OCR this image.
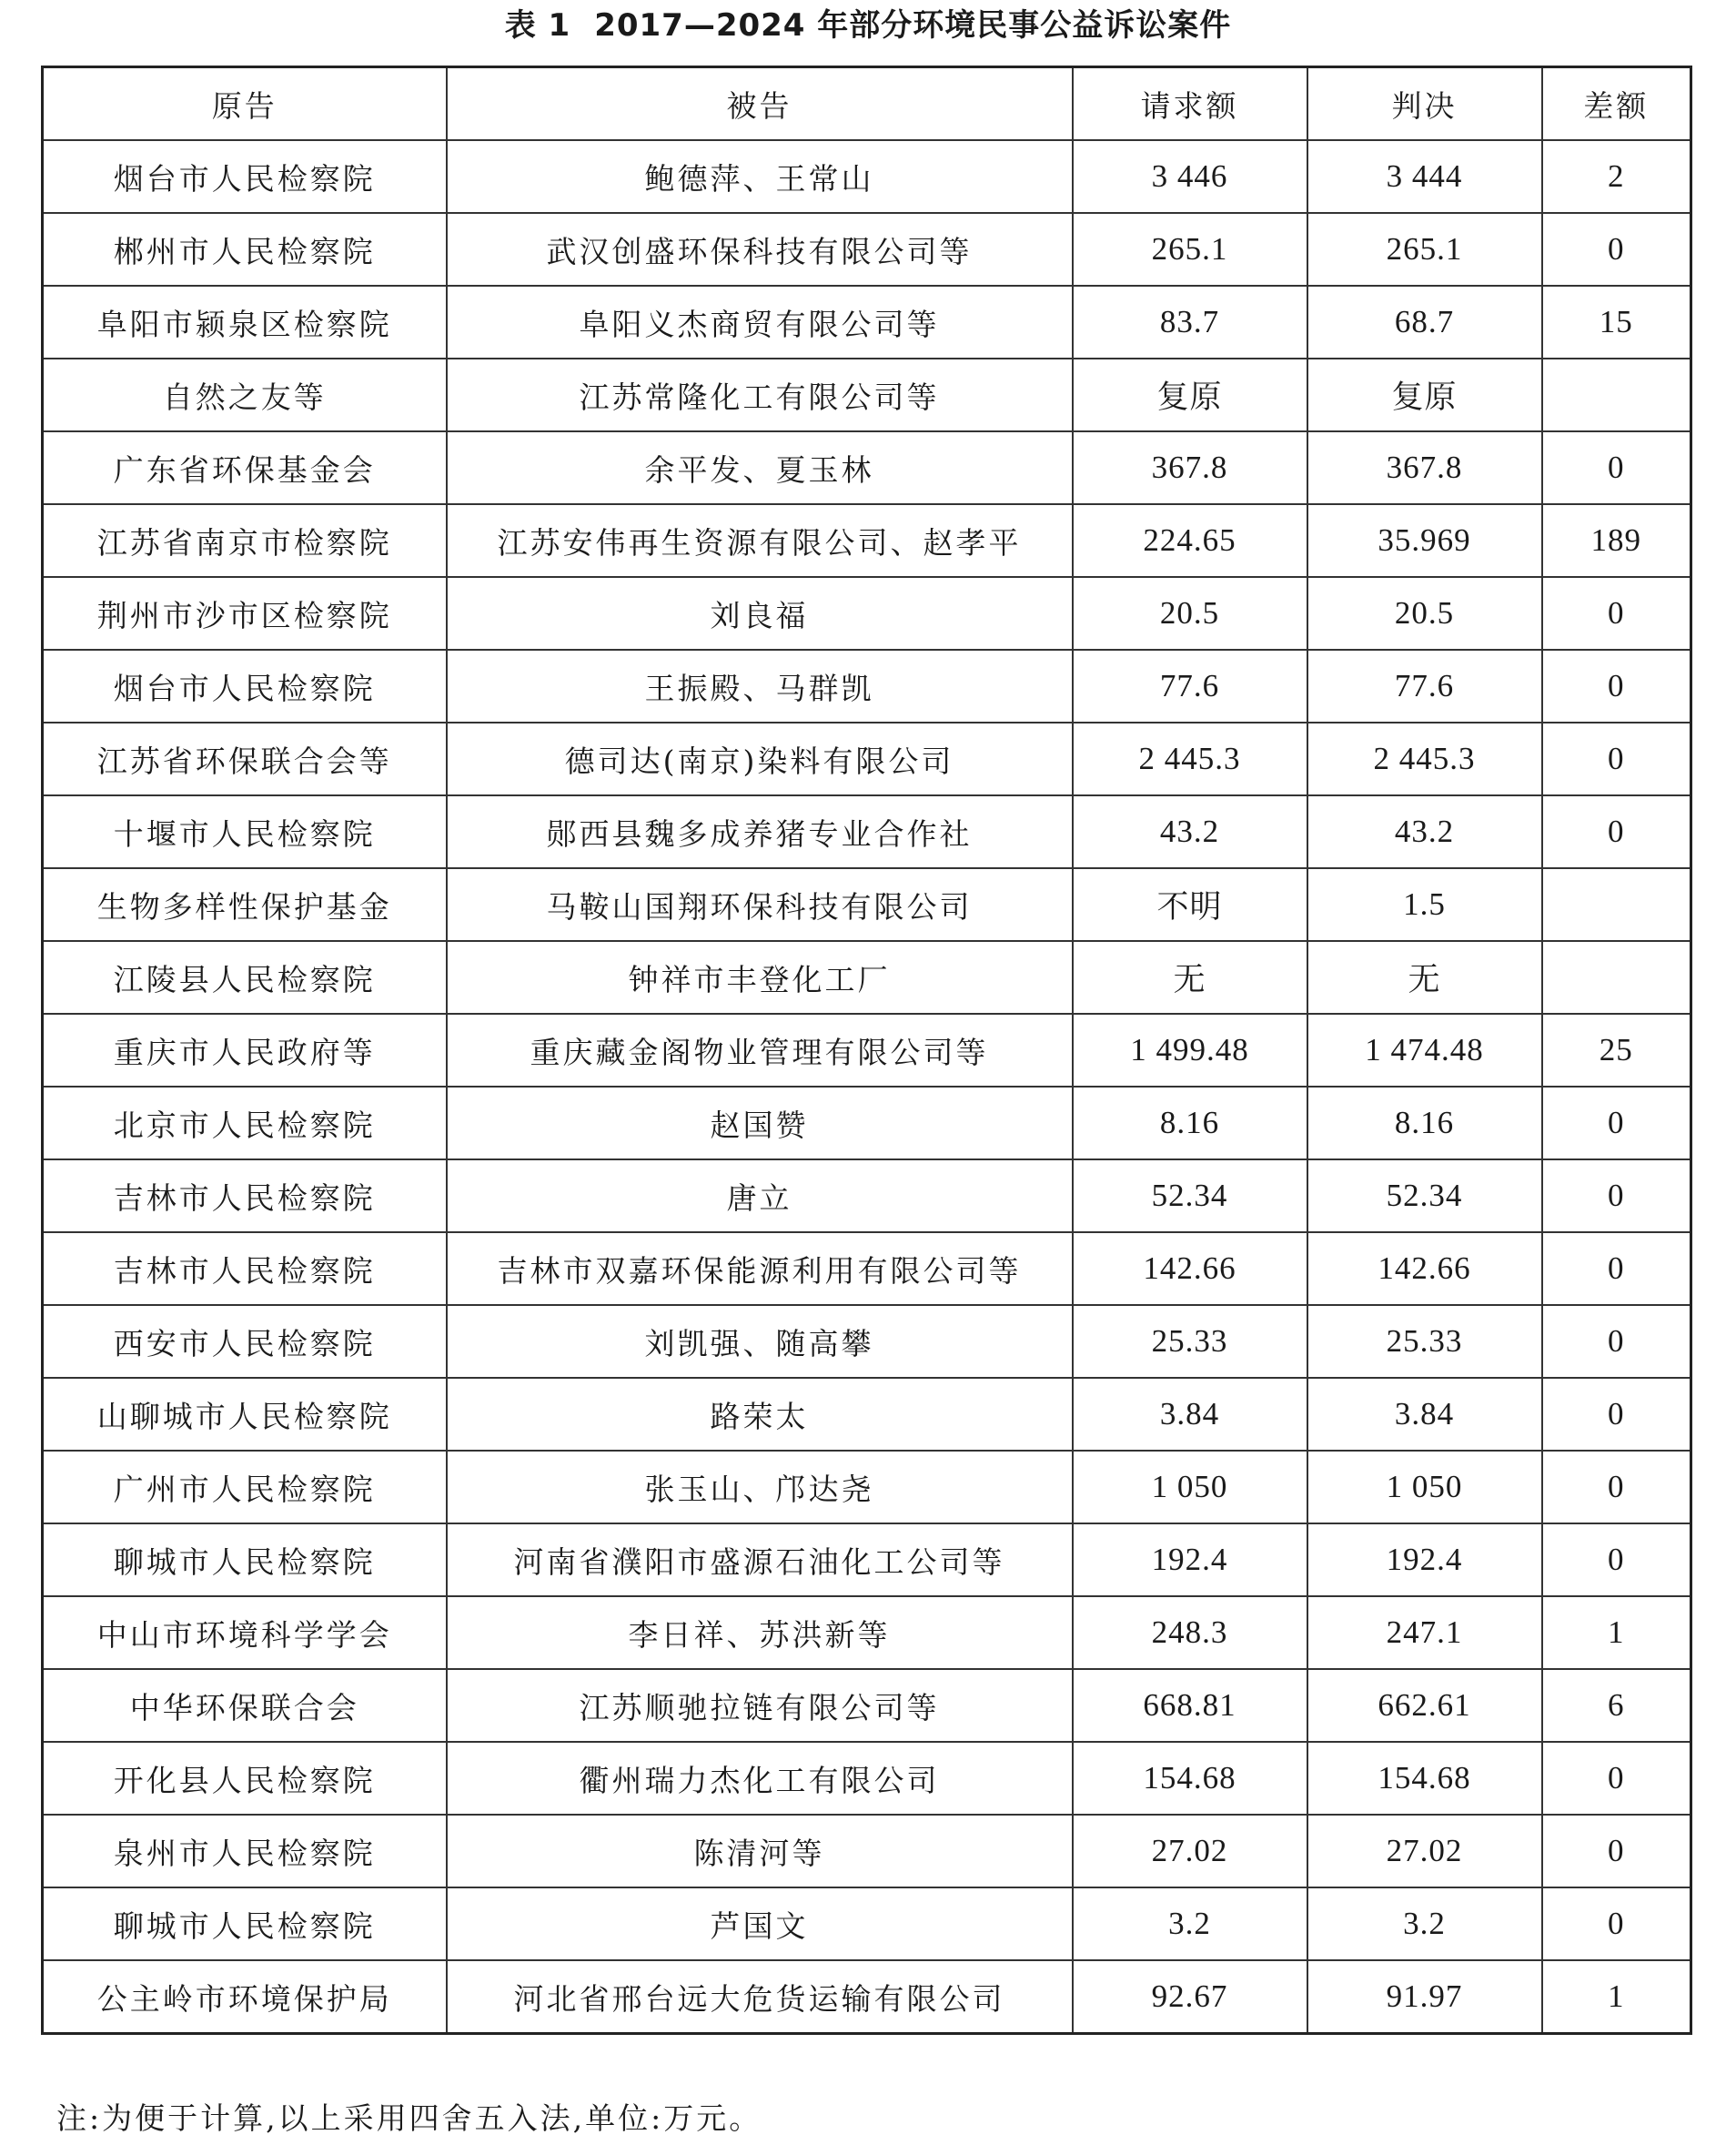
表 1 2017—2024 年部分环境民事公益诉讼案件
原告	被告	请求额	判决	差额
烟台市人民检察院	鲍德萍、王常山	3 446	3 444	2
郴州市人民检察院	武汉创盛环保科技有限公司等	265.1	265.1	0
阜阳市颍泉区检察院	阜阳义杰商贸有限公司等	83.7	68.7	15
自然之友等	江苏常隆化工有限公司等	复原	复原	
广东省环保基金会	余平发、夏玉林	367.8	367.8	0
江苏省南京市检察院	江苏安伟再生资源有限公司、赵孝平	224.65	35.969	189
荆州市沙市区检察院	刘良福	20.5	20.5	0
烟台市人民检察院	王振殿、马群凯	77.6	77.6	0
江苏省环保联合会等	德司达(南京)染料有限公司	2 445.3	2 445.3	0
十堰市人民检察院	郧西县魏多成养猪专业合作社	43.2	43.2	0
生物多样性保护基金	马鞍山国翔环保科技有限公司	不明	1.5	
江陵县人民检察院	钟祥市丰登化工厂	无	无	
重庆市人民政府等	重庆藏金阁物业管理有限公司等	1 499.48	1 474.48	25
北京市人民检察院	赵国赞	8.16	8.16	0
吉林市人民检察院	唐立	52.34	52.34	0
吉林市人民检察院	吉林市双嘉环保能源利用有限公司等	142.66	142.66	0
西安市人民检察院	刘凯强、随高攀	25.33	25.33	0
山聊城市人民检察院	路荣太	3.84	3.84	0
广州市人民检察院	张玉山、邝达尧	1 050	1 050	0
聊城市人民检察院	河南省濮阳市盛源石油化工公司等	192.4	192.4	0
中山市环境科学学会	李日祥、苏洪新等	248.3	247.1	1
中华环保联合会	江苏顺驰拉链有限公司等	668.81	662.61	6
开化县人民检察院	衢州瑞力杰化工有限公司	154.68	154.68	0
泉州市人民检察院	陈清河等	27.02	27.02	0
聊城市人民检察院	芦国文	3.2	3.2	0
公主岭市环境保护局	河北省邢台远大危货运输有限公司	92.67	91.97	1
注:为便于计算,以上采用四舍五入法,单位:万元。
